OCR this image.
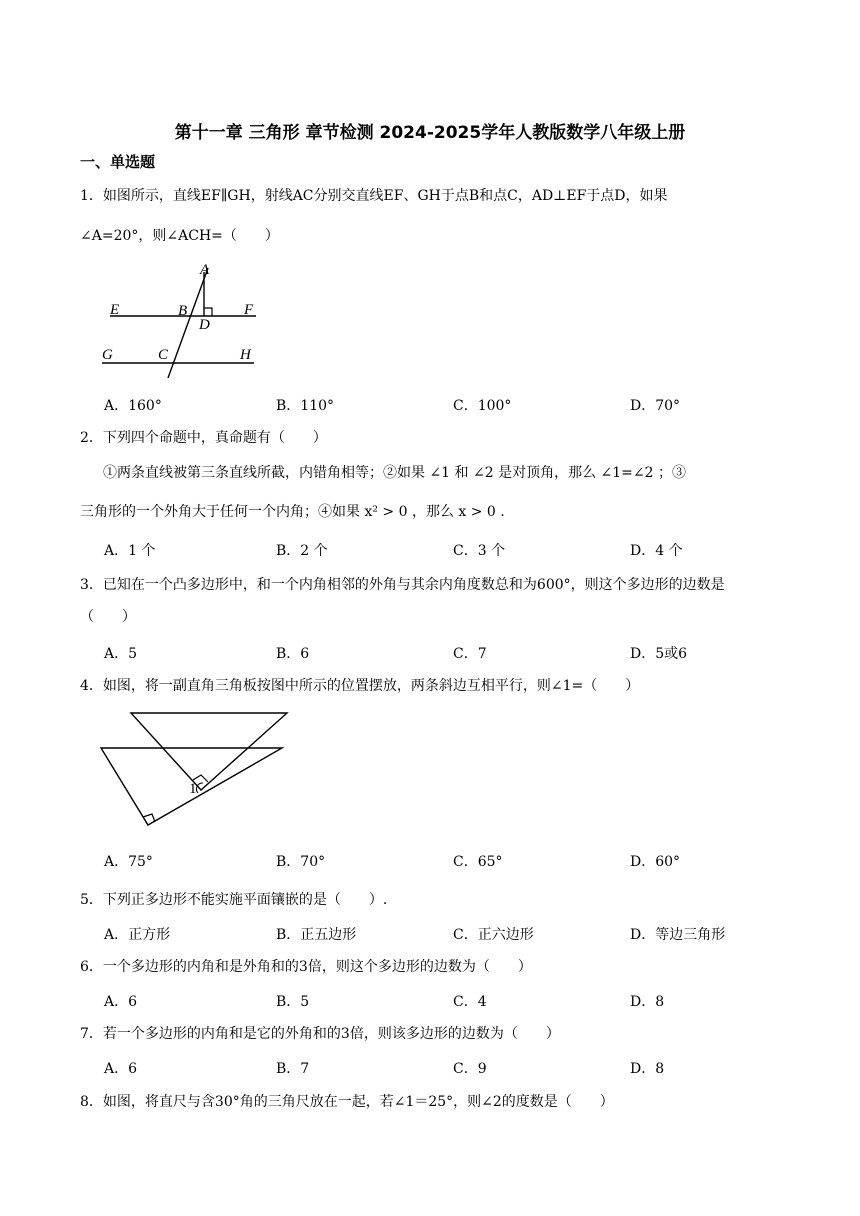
第十一章 三角形 章节检测 2024-2025学年人教版数学八年级上册
一、单选题
1．如图所示，直线EF∥GH，射线AC分别交直线EF、GH于点B和点C，AD⊥EF于点D，如果
∠A=20°，则∠ACH=（　　）
A
B
D
E	F
G	C	H
A．160°	B．110°	C．100°	D．70°
2．下列四个命题中，真命题有（　　）
①两条直线被第三条直线所截，内错角相等；②如果 ∠1 和 ∠2 是对顶角，那么 ∠1=∠2 ；③
三角形的一个外角大于任何一个内角；④如果 x² > 0 ，那么 x > 0 .
A．1 个	B．2 个	C．3 个	D．4 个
3．已知在一个凸多边形中，和一个内角相邻的外角与其余内角度数总和为600°，则这个多边形的边数是
（　　）
A．5	B．6	C．7	D．5或6
4．如图，将一副直角三角板按图中所示的位置摆放，两条斜边互相平行，则∠1=（　　）
1
A．75°	B．70°	C．65°	D．60°
5．下列正多边形不能实施平面镶嵌的是（　　）.
A．正方形	B．正五边形	C．正六边形	D．等边三角形
6．一个多边形的内角和是外角和的3倍，则这个多边形的边数为（　　）
A．6	B．5	C．4	D．8
7．若一个多边形的内角和是它的外角和的3倍，则该多边形的边数为（　　）
A．6	B．7	C．9	D．8
8．如图，将直尺与含30°角的三角尺放在一起，若∠1＝25°，则∠2的度数是（　　）
